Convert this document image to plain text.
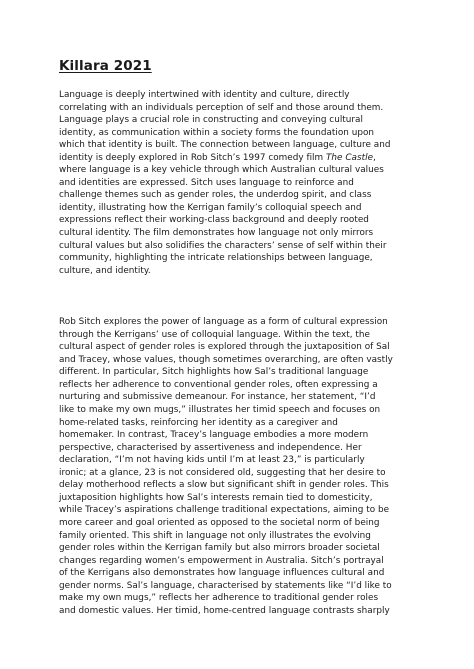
Killara 2021

Language is deeply intertwined with identity and culture, directly
correlating with an individuals perception of self and those around them.
Language plays a crucial role in constructing and conveying cultural
identity, as communication within a society forms the foundation upon
which that identity is built. The connection between language, culture and
identity is deeply explored in Rob Sitch’s 1997 comedy film The Castle,
where language is a key vehicle through which Australian cultural values
and identities are expressed. Sitch uses language to reinforce and
challenge themes such as gender roles, the underdog spirit, and class
identity, illustrating how the Kerrigan family’s colloquial speech and
expressions reflect their working-class background and deeply rooted
cultural identity. The film demonstrates how language not only mirrors
cultural values but also solidifies the characters’ sense of self within their
community, highlighting the intricate relationships between language,
culture, and identity.

Rob Sitch explores the power of language as a form of cultural expression
through the Kerrigans’ use of colloquial language. Within the text, the
cultural aspect of gender roles is explored through the juxtaposition of Sal
and Tracey, whose values, though sometimes overarching, are often vastly
different. In particular, Sitch highlights how Sal’s traditional language
reflects her adherence to conventional gender roles, often expressing a
nurturing and submissive demeanour. For instance, her statement, “I’d
like to make my own mugs,” illustrates her timid speech and focuses on
home-related tasks, reinforcing her identity as a caregiver and
homemaker. In contrast, Tracey’s language embodies a more modern
perspective, characterised by assertiveness and independence. Her
declaration, “I’m not having kids until I’m at least 23,” is particularly
ironic; at a glance, 23 is not considered old, suggesting that her desire to
delay motherhood reflects a slow but significant shift in gender roles. This
juxtaposition highlights how Sal’s interests remain tied to domesticity,
while Tracey’s aspirations challenge traditional expectations, aiming to be
more career and goal oriented as opposed to the societal norm of being
family oriented. This shift in language not only illustrates the evolving
gender roles within the Kerrigan family but also mirrors broader societal
changes regarding women’s empowerment in Australia. Sitch’s portrayal
of the Kerrigans also demonstrates how language influences cultural and
gender norms. Sal’s language, characterised by statements like “I’d like to
make my own mugs,” reflects her adherence to traditional gender roles
and domestic values. Her timid, home-centred language contrasts sharply
